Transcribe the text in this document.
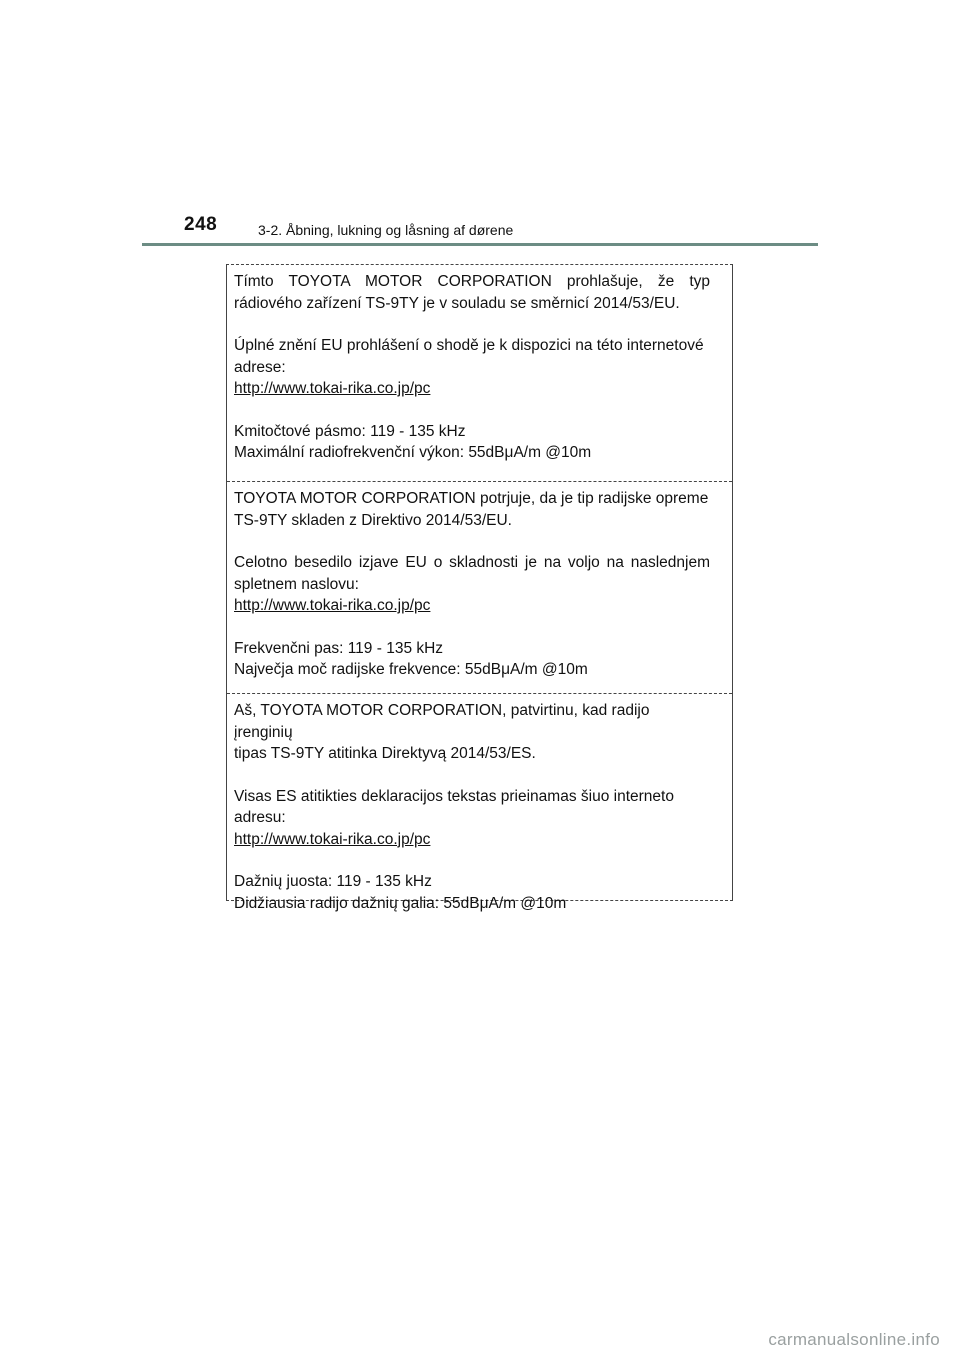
248	3-2. Åbning, lukning og låsning af dørene

Tímto TOYOTA MOTOR CORPORATION prohlašuje, že typ

rádiového zařízení TS-9TY je v souladu se směrnicí 2014/53/EU.

Úplné znění EU prohlášení o shodě je k dispozici na této internetové

adrese:

http://www.tokai-rika.co.jp/pc

Kmitočtové pásmo: 119 - 135 kHz

Maximální radiofrekvenční výkon: 55dBμA/m @10m

TOYOTA MOTOR CORPORATION potrjuje, da je tip radijske opreme

TS-9TY skladen z Direktivo 2014/53/EU.

Celotno besedilo izjave EU o skladnosti je na voljo na naslednjem

spletnem naslovu:

http://www.tokai-rika.co.jp/pc

Frekvenčni pas: 119 - 135 kHz

Največja moč radijske frekvence: 55dBμA/m @10m

Aš, TOYOTA MOTOR CORPORATION, patvirtinu, kad radijo įrenginių

tipas TS-9TY atitinka Direktyvą 2014/53/ES.

Visas ES atitikties deklaracijos tekstas prieinamas šiuo interneto

adresu:

http://www.tokai-rika.co.jp/pc

Dažnių juosta: 119 - 135 kHz

Didžiausia radijo dažnių galia: 55dBμA/m @10m

carmanualsonline.info
